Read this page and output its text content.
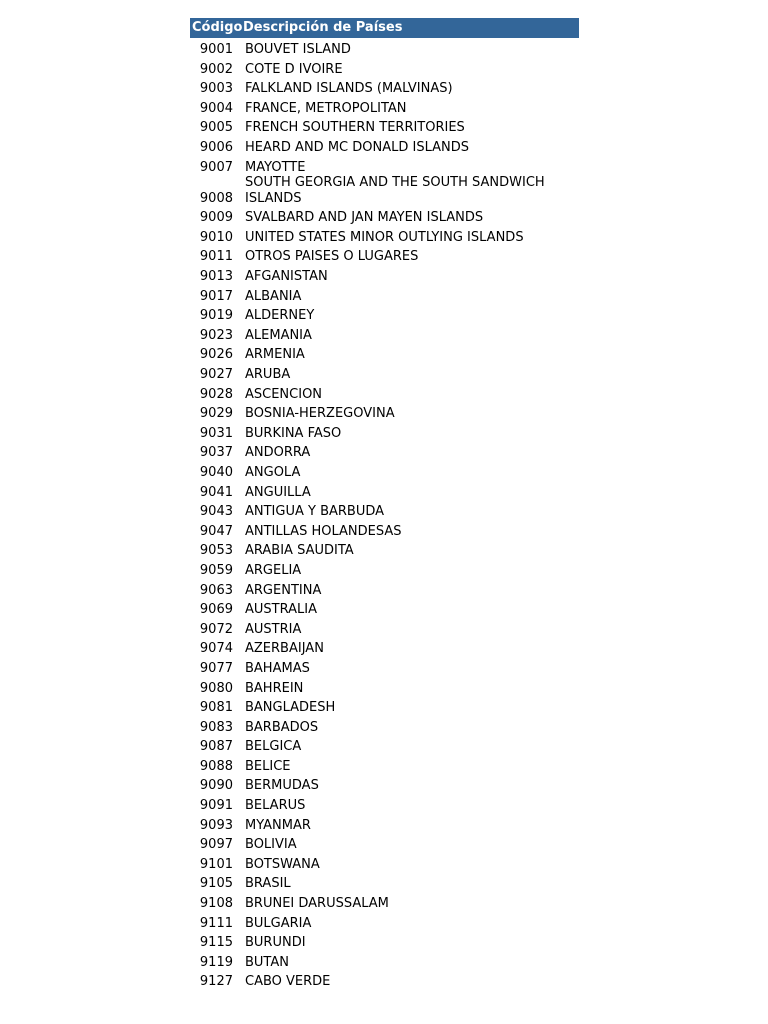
Código	Descripción de Países
9001	BOUVET ISLAND
9002	COTE D IVOIRE
9003	FALKLAND ISLANDS (MALVINAS)
9004	FRANCE, METROPOLITAN
9005	FRENCH SOUTHERN TERRITORIES
9006	HEARD AND MC DONALD ISLANDS
9007	MAYOTTE
9008	SOUTH GEORGIA AND THE SOUTH SANDWICH ISLANDS
9009	SVALBARD AND JAN MAYEN ISLANDS
9010	UNITED STATES MINOR OUTLYING ISLANDS
9011	OTROS PAISES O LUGARES
9013	AFGANISTAN
9017	ALBANIA
9019	ALDERNEY
9023	ALEMANIA
9026	ARMENIA
9027	ARUBA
9028	ASCENCION
9029	BOSNIA-HERZEGOVINA
9031	BURKINA FASO
9037	ANDORRA
9040	ANGOLA
9041	ANGUILLA
9043	ANTIGUA Y BARBUDA
9047	ANTILLAS HOLANDESAS
9053	ARABIA SAUDITA
9059	ARGELIA
9063	ARGENTINA
9069	AUSTRALIA
9072	AUSTRIA
9074	AZERBAIJAN
9077	BAHAMAS
9080	BAHREIN
9081	BANGLADESH
9083	BARBADOS
9087	BELGICA
9088	BELICE
9090	BERMUDAS
9091	BELARUS
9093	MYANMAR
9097	BOLIVIA
9101	BOTSWANA
9105	BRASIL
9108	BRUNEI DARUSSALAM
9111	BULGARIA
9115	BURUNDI
9119	BUTAN
9127	CABO VERDE
